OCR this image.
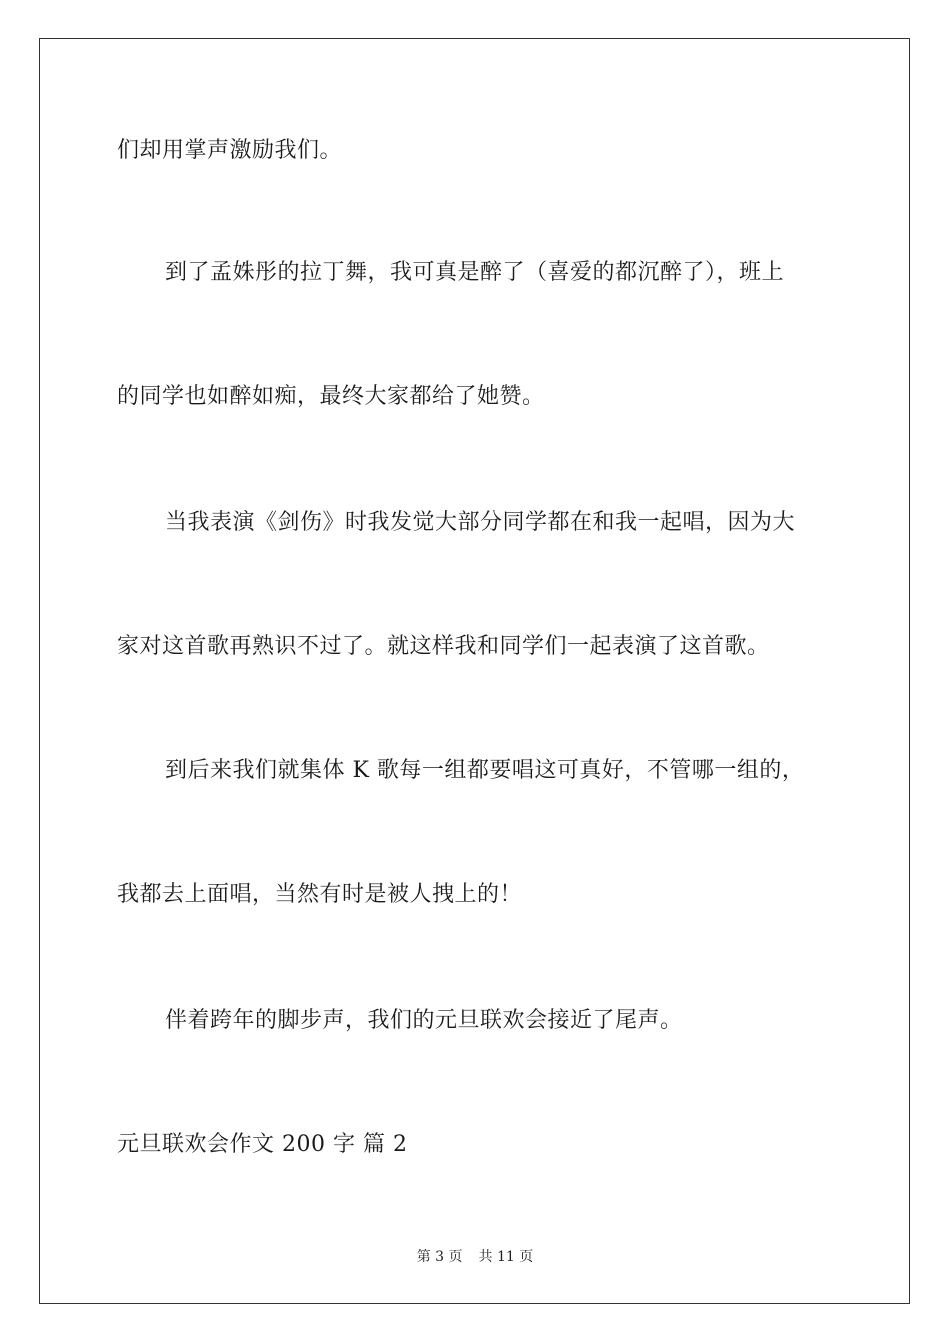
们却用掌声激励我们。
到了孟姝彤的拉丁舞，我可真是醉了（喜爱的都沉醉了），班上
的同学也如醉如痴，最终大家都给了她赞。
当我表演《剑伤》时我发觉大部分同学都在和我一起唱，因为大
家对这首歌再熟识不过了。就这样我和同学们一起表演了这首歌。
到后来我们就集体 K 歌每一组都要唱这可真好，不管哪一组的，
我都去上面唱，当然有时是被人拽上的！
伴着跨年的脚步声，我们的元旦联欢会接近了尾声。
元旦联欢会作文 200 字 篇 2
第 3 页 共 11 页
